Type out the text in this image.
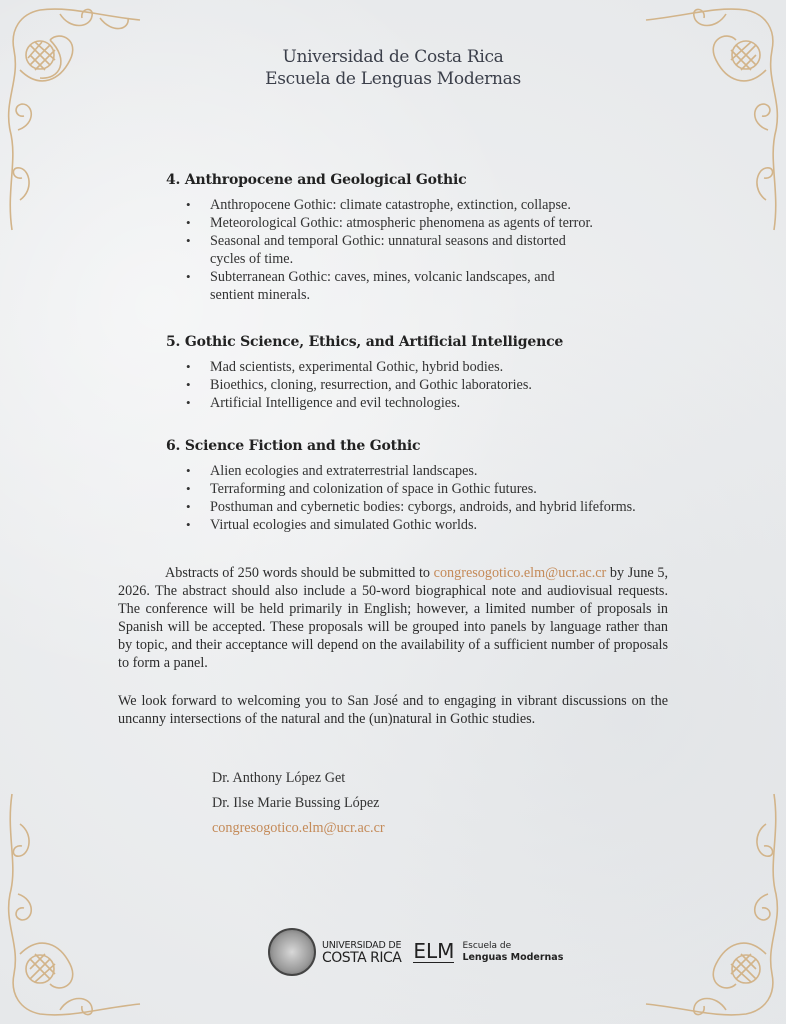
Universidad de Costa Rica
Escuela de Lenguas Modernas
4. Anthropocene and Geological Gothic
• Anthropocene Gothic: climate catastrophe, extinction, collapse.
• Meteorological Gothic: atmospheric phenomena as agents of terror.
• Seasonal and temporal Gothic: unnatural seasons and distorted cycles of time.
• Subterranean Gothic: caves, mines, volcanic landscapes, and sentient minerals.
5. Gothic Science, Ethics, and Artificial Intelligence
• Mad scientists, experimental Gothic, hybrid bodies.
• Bioethics, cloning, resurrection, and Gothic laboratories.
• Artificial Intelligence and evil technologies.
6. Science Fiction and the Gothic
• Alien ecologies and extraterrestrial landscapes.
• Terraforming and colonization of space in Gothic futures.
• Posthuman and cybernetic bodies: cyborgs, androids, and hybrid lifeforms.
• Virtual ecologies and simulated Gothic worlds.
Abstracts of 250 words should be submitted to congresogotico.elm@ucr.ac.cr by June 5, 2026. The abstract should also include a 50-word biographical note and audiovisual requests. The conference will be held primarily in English; however, a limited number of proposals in Spanish will be accepted. These proposals will be grouped into panels by language rather than by topic, and their acceptance will depend on the availability of a sufficient number of proposals to form a panel.
We look forward to welcoming you to San José and to engaging in vibrant discussions on the uncanny intersections of the natural and the (un)natural in Gothic studies.
Dr. Anthony López Get
Dr. Ilse Marie Bussing López
congresogotico.elm@ucr.ac.cr
UNIVERSIDAD DE
COSTA RICA ELM Escuela de
Lenguas Modernas
